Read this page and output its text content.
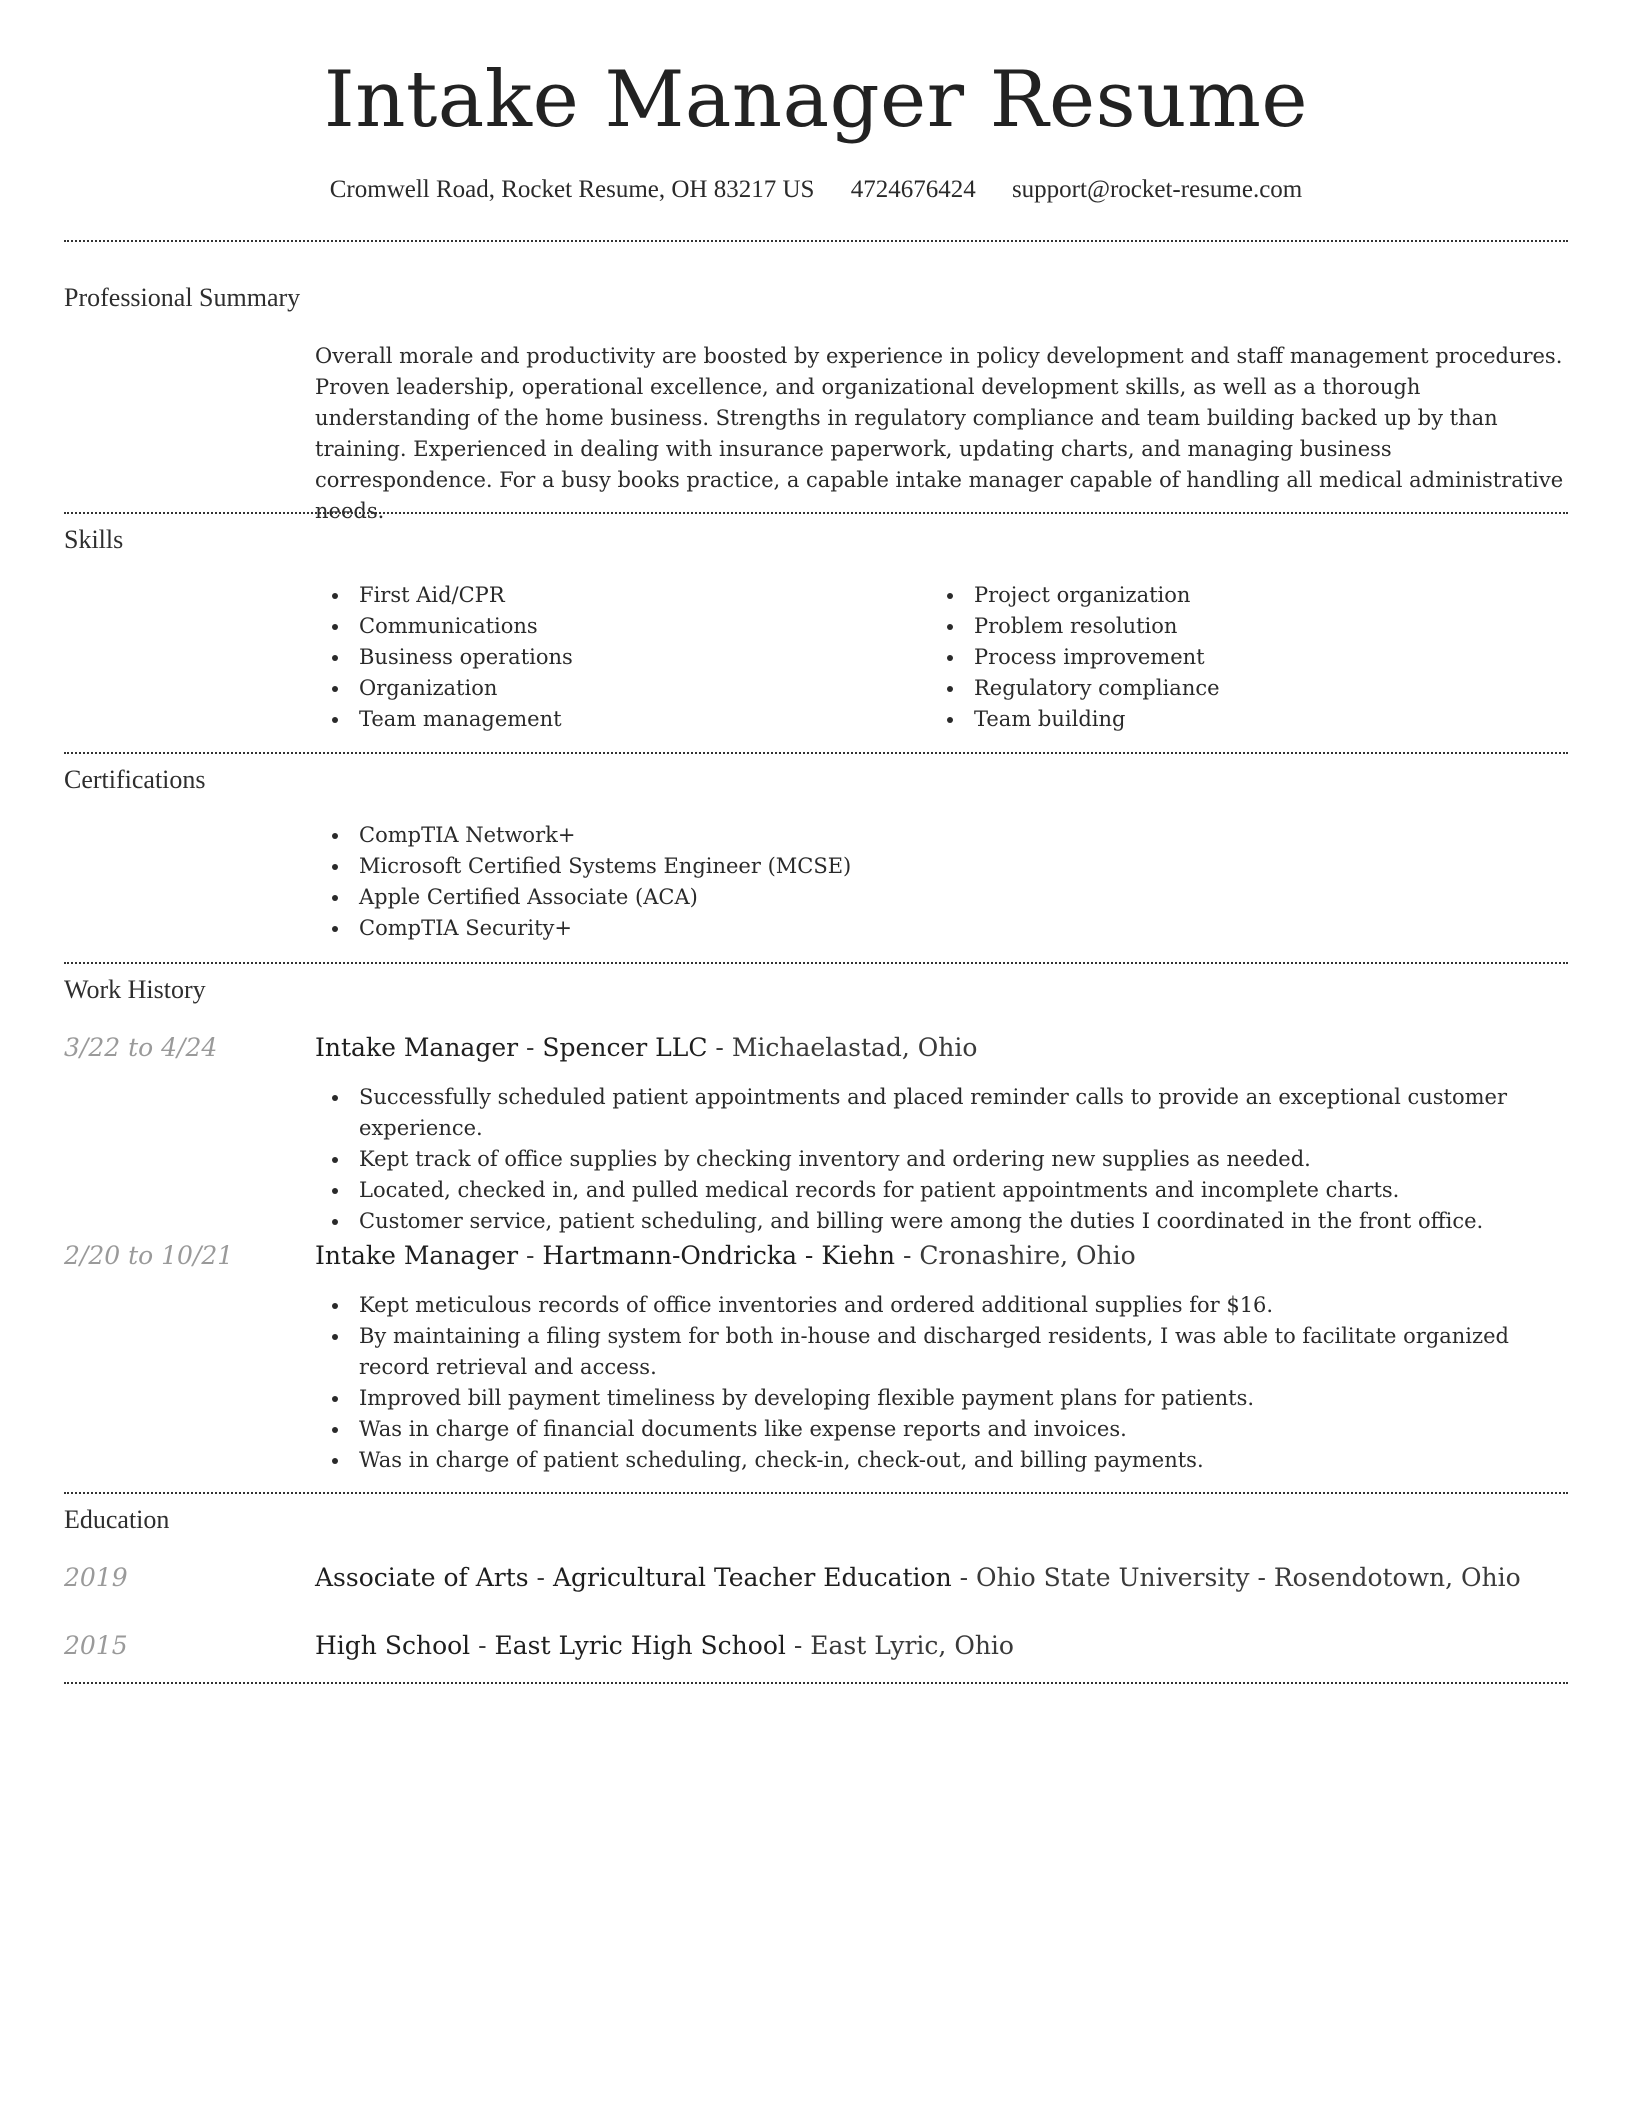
Intake Manager Resume
Cromwell Road, Rocket Resume, OH 83217 US 4724676424 support@rocket-resume.com
Professional Summary
Overall morale and productivity are boosted by experience in policy development and staff management procedures. Proven leadership, operational excellence, and organizational development skills, as well as a thorough understanding of the home business. Strengths in regulatory compliance and team building backed up by than training. Experienced in dealing with insurance paperwork, updating charts, and managing business correspondence. For a busy books practice, a capable intake manager capable of handling all medical administrative needs.
Skills
First Aid/CPR
Communications
Business operations
Organization
Team management
Project organization
Problem resolution
Process improvement
Regulatory compliance
Team building
Certifications
CompTIA Network+
Microsoft Certified Systems Engineer (MCSE)
Apple Certified Associate (ACA)
CompTIA Security+
Work History
3/22 to 4/24	Intake Manager - Spencer LLC - Michaelastad, Ohio
Successfully scheduled patient appointments and placed reminder calls to provide an exceptional customer experience.
Kept track of office supplies by checking inventory and ordering new supplies as needed.
Located, checked in, and pulled medical records for patient appointments and incomplete charts.
Customer service, patient scheduling, and billing were among the duties I coordinated in the front office.
2/20 to 10/21	Intake Manager - Hartmann-Ondricka - Kiehn - Cronashire, Ohio
Kept meticulous records of office inventories and ordered additional supplies for $16.
By maintaining a filing system for both in-house and discharged residents, I was able to facilitate organized record retrieval and access.
Improved bill payment timeliness by developing flexible payment plans for patients.
Was in charge of financial documents like expense reports and invoices.
Was in charge of patient scheduling, check-in, check-out, and billing payments.
Education
2019	Associate of Arts - Agricultural Teacher Education - Ohio State University - Rosendotown, Ohio
2015	High School - East Lyric High School - East Lyric, Ohio
